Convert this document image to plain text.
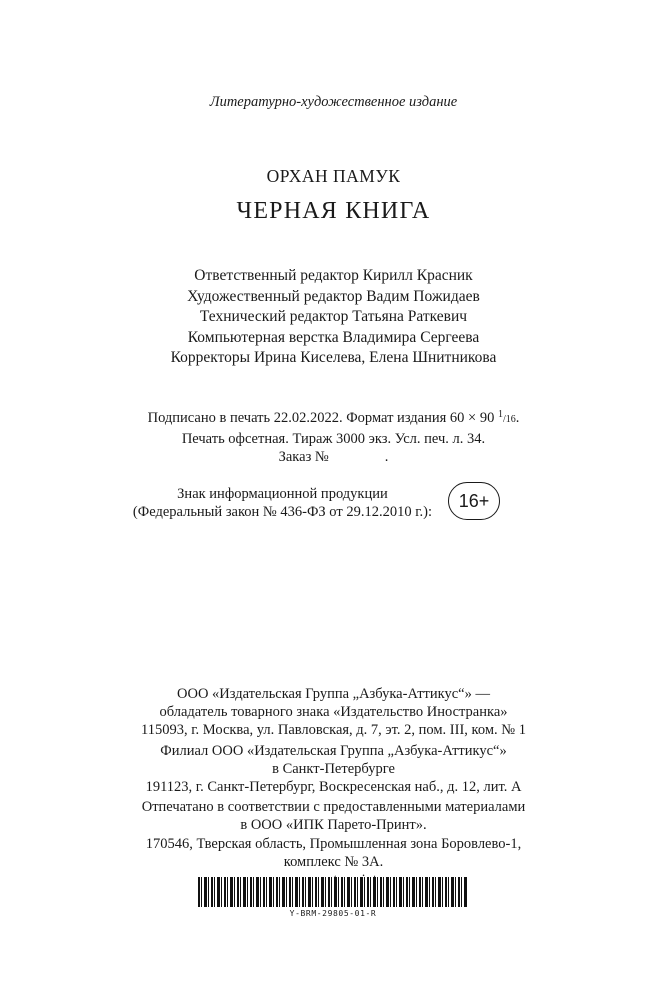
Литературно-художественное издание
ОРХАН ПАМУК
ЧЕРНАЯ КНИГА
Ответственный редактор Кирилл Красник
Художественный редактор Вадим Пожидаев
Технический редактор Татьяна Раткевич
Компьютерная верстка Владимира Сергеева
Корректоры Ирина Киселева, Елена Шнитникова
Подписано в печать 22.02.2022. Формат издания 60 × 90 $^1$/16.
Печать офсетная. Тираж 3000 экз. Усл. печ. л. 34.
Заказ №	.
Знак информационной продукции
(Федеральный закон № 436-ФЗ от 29.12.2010 г.):
16+
ООО «Издательская Группа „Азбука-Аттикус“» —
обладатель товарного знака «Издательство Иностранка»
115093, г. Москва, ул. Павловская, д. 7, эт. 2, пом. III, ком. № 1
Филиал ООО «Издательская Группа „Азбука-Аттикус“»
в Санкт-Петербурге
191123, г. Санкт-Петербург, Воскресенская наб., д. 12, лит. А
Отпечатано в соответствии с предоставленными материалами
в ООО «ИПК Парето-Принт».
170546, Тверская область, Промышленная зона Боровлево-1,
комплекс № 3А.
Y-BRM-29805-01-R
